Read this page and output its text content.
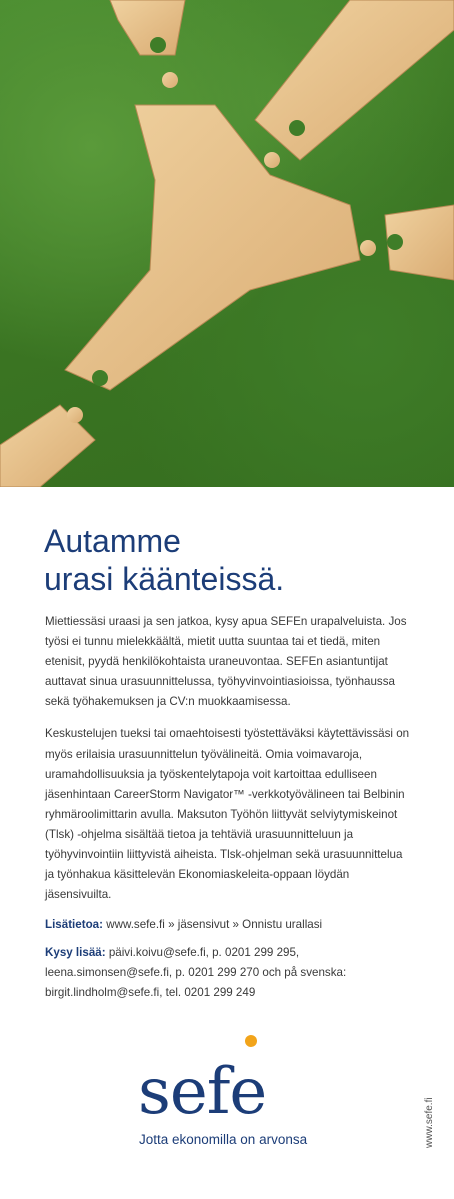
Autamme
urasi käänteissä.

Miettiessäsi uraasi ja sen jatkoa, kysy apua SEFEn urapalveluista. Jos työsi ei tunnu mielekkäältä, mietit uutta suuntaa tai et tiedä, miten etenisit, pyydä henkilökohtaista uraneuvontaa. SEFEn asiantuntijat auttavat sinua urasuunnittelussa, työhyvinvointiasioissa, työnhaussa sekä työhakemuksen ja CV:n muokkaamisessa.

Keskustelujen tueksi tai omaehtoisesti työstettäväksi käytettävissäsi on myös erilaisia urasuunnittelun työvälineitä. Omia voimavaroja, uramahdollisuuksia ja työskentelytapoja voit kartoittaa edulliseen jäsenhintaan CareerStorm Navigator™ -verkkotyövälineen tai Belbinin ryhmäroolimittarin avulla. Maksuton Työhön liittyvät selviytymiskeinot (Tlsk) -ohjelma sisältää tietoa ja tehtäviä urasuunnitteluun ja työhyvinvointiin liittyvistä aiheista. Tlsk-ohjelman sekä urasuunnittelua ja työnhakua käsittelevän Ekonomiaskeleita-oppaan löydän jäsensivuilta.

Lisätietoa: www.sefe.fi » jäsensivut » Onnistu urallasi
Kysy lisää: päivi.koivu@sefe.fi, p. 0201 299 295, leena.simonsen@sefe.fi, p. 0201 299 270 och på svenska: birgit.lindholm@sefe.fi, tel. 0201 299 249
sefe
Jotta ekonomilla on arvonsa	www.sefe.fi
